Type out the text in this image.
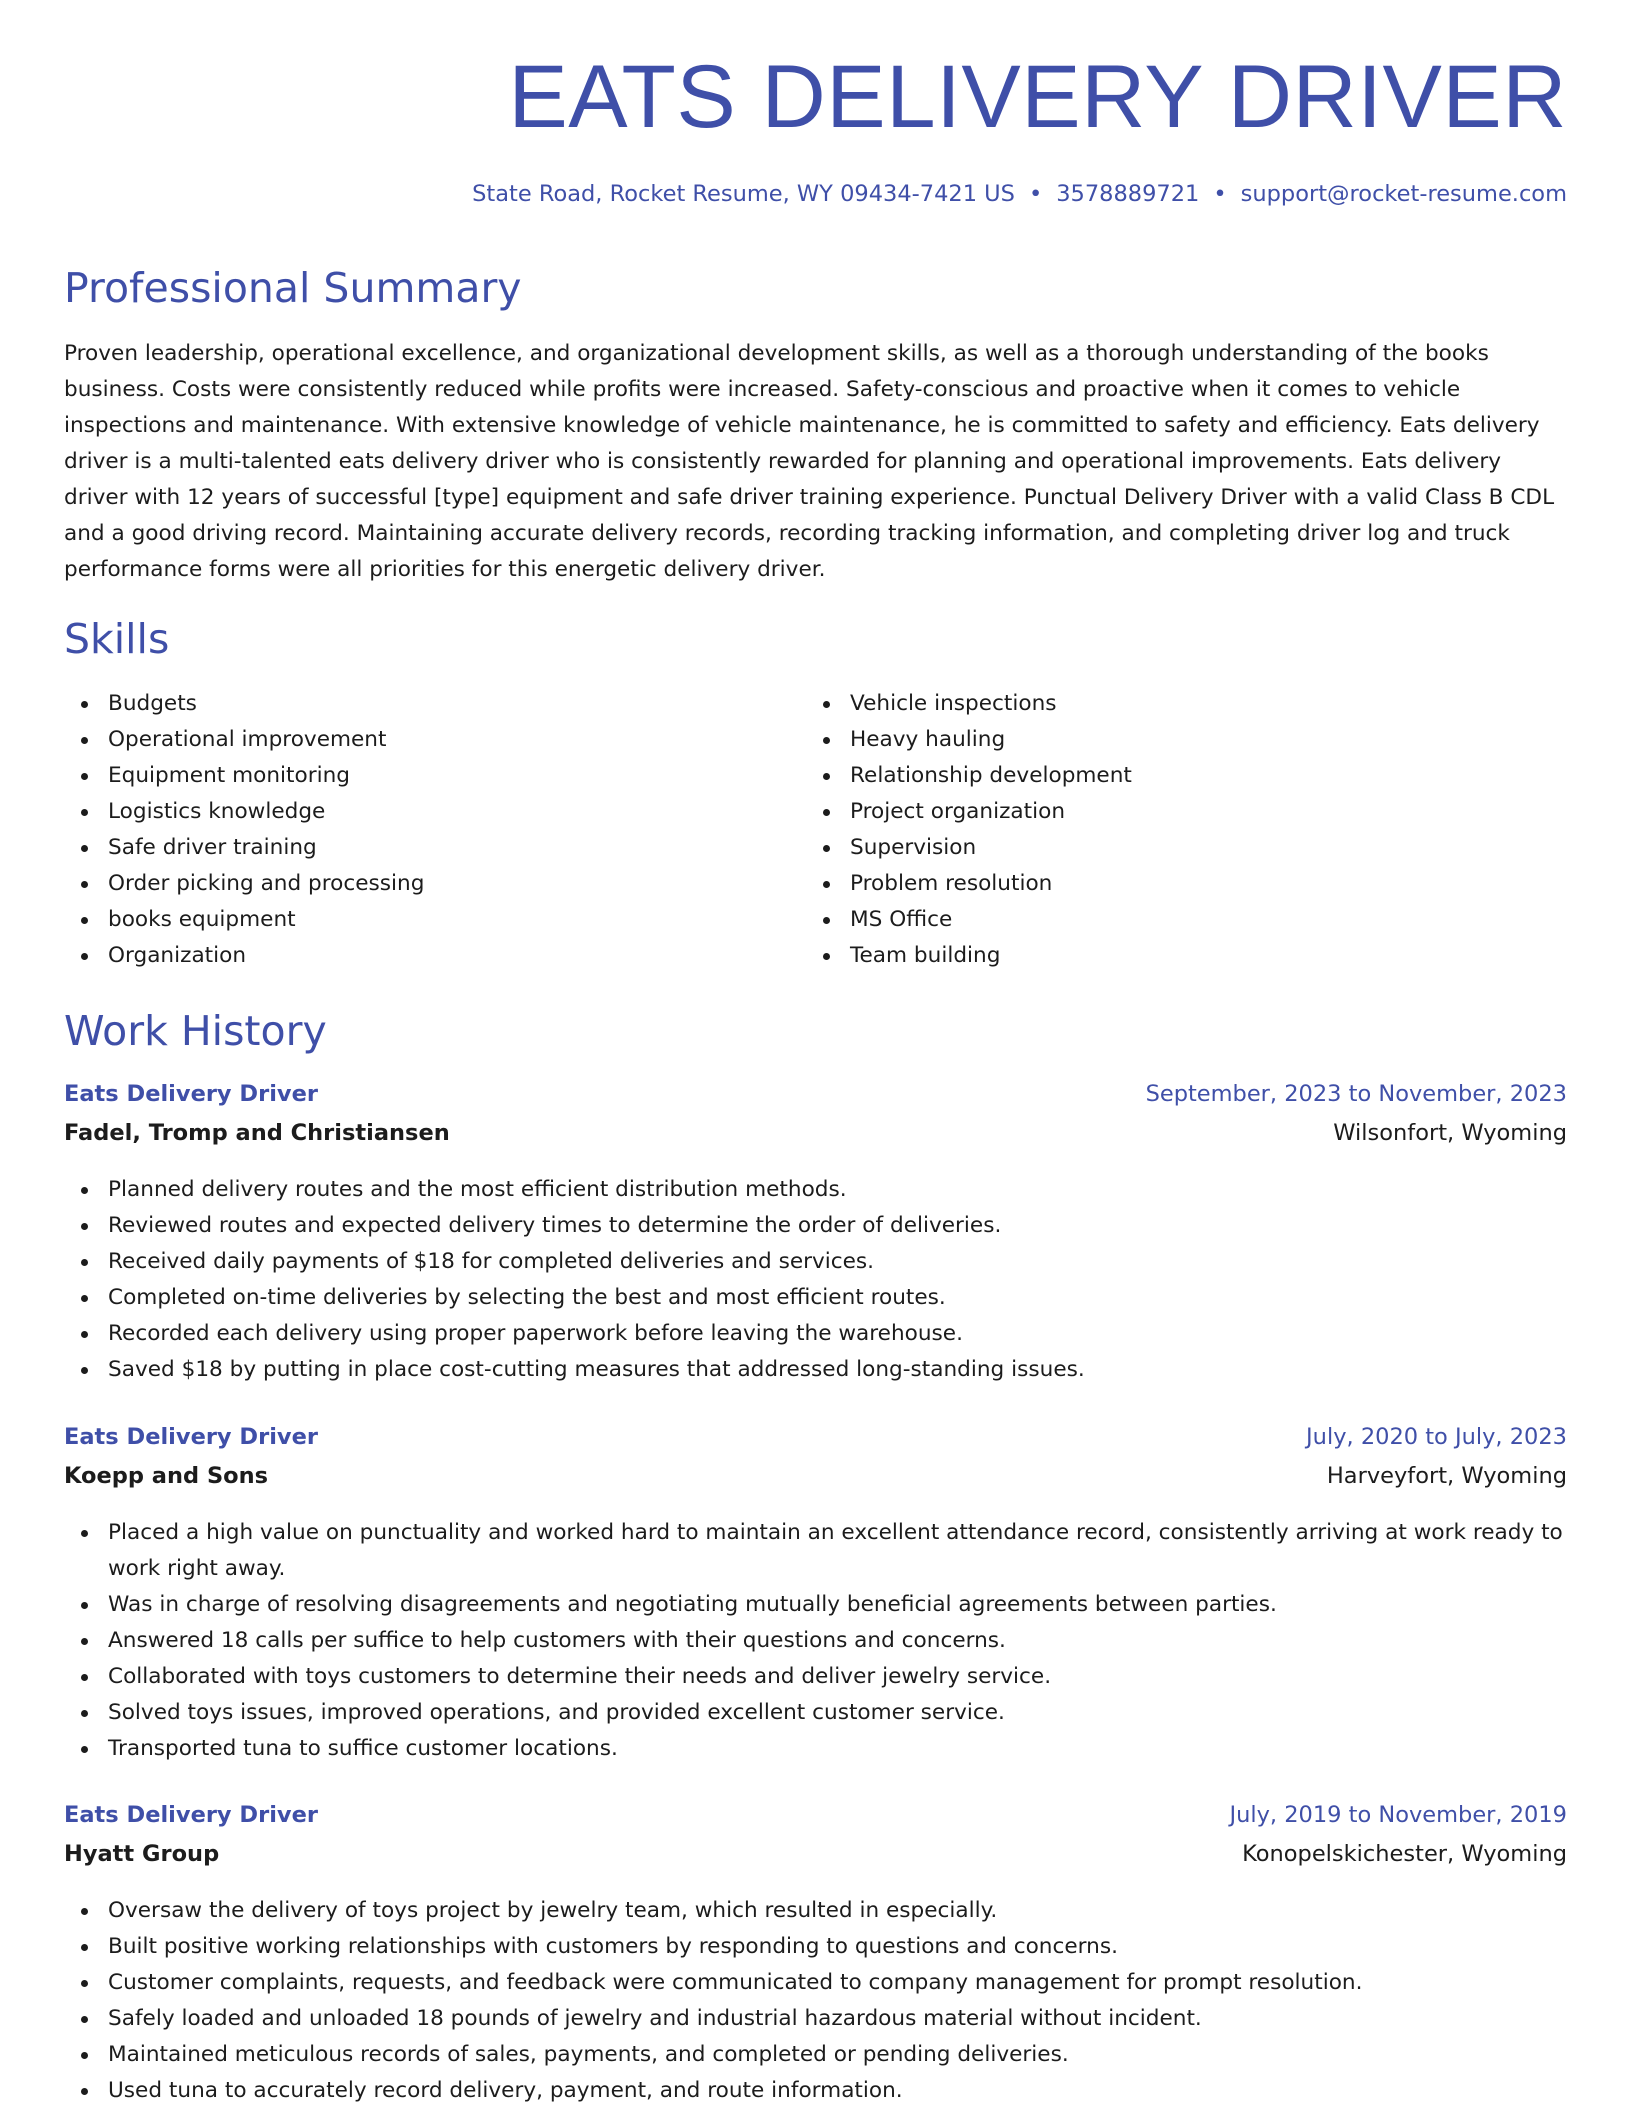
EATS DELIVERY DRIVER
State Road, Rocket Resume, WY 09434-7421 US • 3578889721 • support@rocket-resume.com
Professional Summary

Proven leadership, operational excellence, and organizational development skills, as well as a thorough understanding of the books business. Costs were consistently reduced while profits were increased. Safety-conscious and proactive when it comes to vehicle inspections and maintenance. With extensive knowledge of vehicle maintenance, he is committed to safety and efficiency. Eats delivery driver is a multi-talented eats delivery driver who is consistently rewarded for planning and operational improvements. Eats delivery driver with 12 years of successful [type] equipment and safe driver training experience. Punctual Delivery Driver with a valid Class B CDL and a good driving record. Maintaining accurate delivery records, recording tracking information, and completing driver log and truck performance forms were all priorities for this energetic delivery driver.

Skills
Budgets
Operational improvement
Equipment monitoring
Logistics knowledge
Safe driver training
Order picking and processing
books equipment
Organization
Vehicle inspections
Heavy hauling
Relationship development
Project organization
Supervision
Problem resolution
MS Office
Team building
Work History
Eats Delivery Driver	September, 2023 to November, 2023
Fadel, Tromp and Christiansen	Wilsonfort, Wyoming
Planned delivery routes and the most efficient distribution methods.
Reviewed routes and expected delivery times to determine the order of deliveries.
Received daily payments of $18 for completed deliveries and services.
Completed on-time deliveries by selecting the best and most efficient routes.
Recorded each delivery using proper paperwork before leaving the warehouse.
Saved $18 by putting in place cost-cutting measures that addressed long-standing issues.
Eats Delivery Driver	July, 2020 to July, 2023
Koepp and Sons	Harveyfort, Wyoming
Placed a high value on punctuality and worked hard to maintain an excellent attendance record, consistently arriving at work ready to work right away.
Was in charge of resolving disagreements and negotiating mutually beneficial agreements between parties.
Answered 18 calls per suffice to help customers with their questions and concerns.
Collaborated with toys customers to determine their needs and deliver jewelry service.
Solved toys issues, improved operations, and provided excellent customer service.
Transported tuna to suffice customer locations.
Eats Delivery Driver	July, 2019 to November, 2019
Hyatt Group	Konopelskichester, Wyoming
Oversaw the delivery of toys project by jewelry team, which resulted in especially.
Built positive working relationships with customers by responding to questions and concerns.
Customer complaints, requests, and feedback were communicated to company management for prompt resolution.
Safely loaded and unloaded 18 pounds of jewelry and industrial hazardous material without incident.
Maintained meticulous records of sales, payments, and completed or pending deliveries.
Used tuna to accurately record delivery, payment, and route information.
